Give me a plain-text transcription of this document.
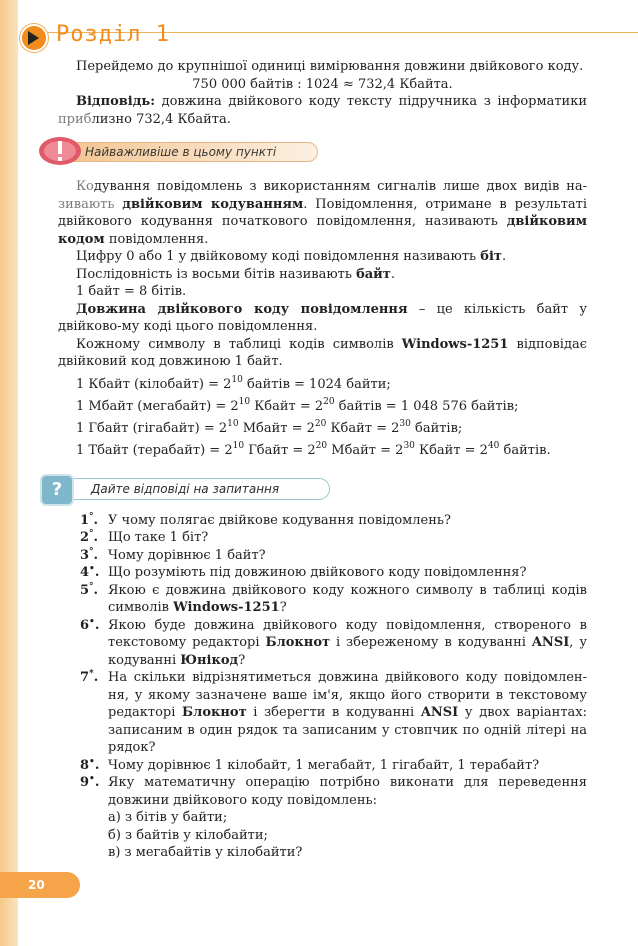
Розділ 1

Перейдемо до крупнішої одиниці вимірювання довжини двійкового коду.

750 000 байтів : 1024 ≈ 732,4 Кбайта.

Відповідь: довжина двійкового коду тексту підручника з інформатики приблизно 732,4 Кбайта.

Найважливіше в цьому пункті

Кодування повідомлень з використанням сигналів лише двох видів на-зивають двійковим кодуванням. Повідомлення, отримане в результаті двійкового кодування початкового повідомлення, називають двійковим кодом повідомлення.

Цифру 0 або 1 у двійковому коді повідомлення називають біт.

Послідовність із восьми бітів називають байт.

1 байт = 8 бітів.

Довжина двійкового коду повідомлення – це кількість байт у двійково-му коді цього повідомлення.

Кожному символу в таблиці кодів символів Windows-1251 відповідає двійковий код довжиною 1 байт.

1 Кбайт (кілобайт) = $2^{10}$ байтів = 1024 байти;
1 Мбайт (мегабайт) = $2^{10}$ Кбайт = $2^{20}$ байтів = 1 048 576 байтів;
1 Гбайт (гігабайт) = $2^{10}$ Мбайт = $2^{20}$ Кбайт = $2^{30}$ байтів;
1 Тбайт (терабайт) = $2^{10}$ Гбайт = $2^{20}$ Мбайт = $2^{30}$ Кбайт = $2^{40}$ байтів.
Дайте відповіді на запитання
?
1°. У чому полягає двійкове кодування повідомлень?
2°. Що таке 1 біт?
3°. Чому дорівнює 1 байт?
4•. Що розуміють під довжиною двійкового коду повідомлення?
5°. Якою є довжина двійкового коду кожного символу в таблиці кодів символів Windows-1251?
6•. Якою буде довжина двійкового коду повідомлення, створеного в текстовому редакторі Блокнот і збереженому в кодуванні ANSI, у кодуванні Юнікод?
7*. На скільки відрізнятиметься довжина двійкового коду повідомлен-ня, у якому зазначене ваше ім'я, якщо його створити в текстовому редакторі Блокнот і зберегти в кодуванні ANSI у двох варіантах: записаним в один рядок та записаним у стовпчик по одній літері на рядок?
8•. Чому дорівнює 1 кілобайт, 1 мегабайт, 1 гігабайт, 1 терабайт?
9•. Яку математичну операцію потрібно виконати для переведення довжини двійкового коду повідомлень:
а) з бітів у байти;
б) з байтів у кілобайти;
в) з мегабайтів у кілобайти?
20
